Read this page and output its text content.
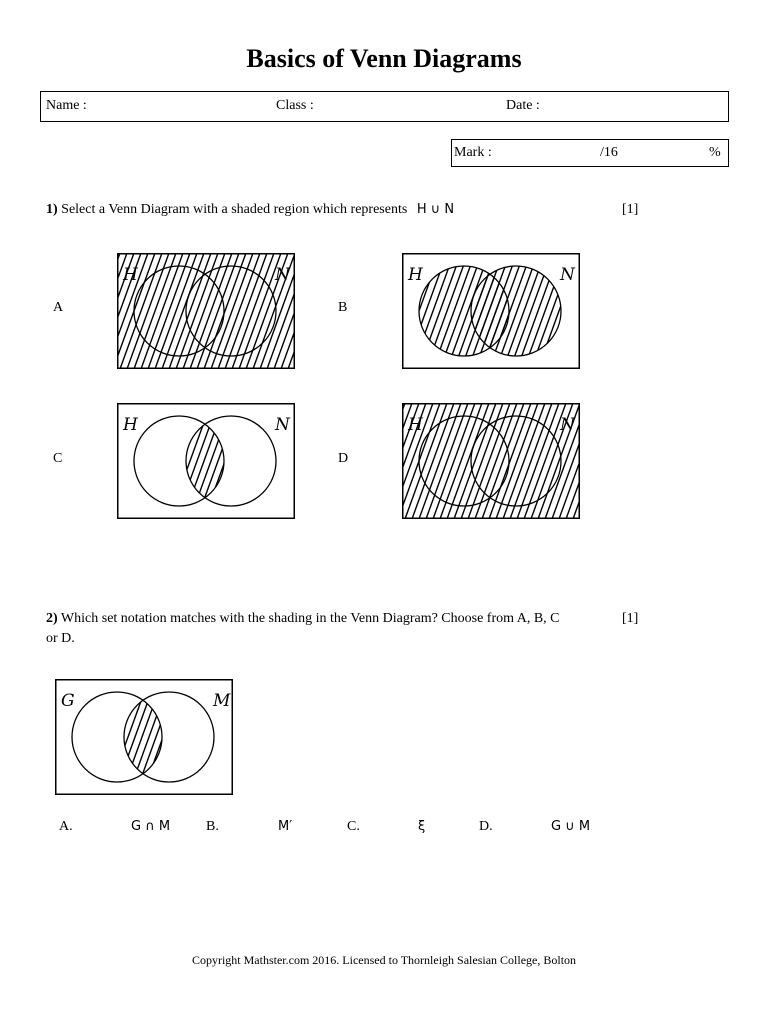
Basics of Venn Diagrams
Name :	Class :	Date :
Mark :	/16	%
1) Select a Venn Diagram with a shaded region which represents H ∪ N	[1]
A	B
C	D
H	N	H	N
H	N	H	N
2) Which set notation matches with the shading in the Venn Diagram? Choose from A, B, C
or D.
[1]
G	M
A.	G ∩ M	B.	M′	C.	ξ	D.	G ∪ M
Copyright Mathster.com 2016. Licensed to Thornleigh Salesian College, Bolton
